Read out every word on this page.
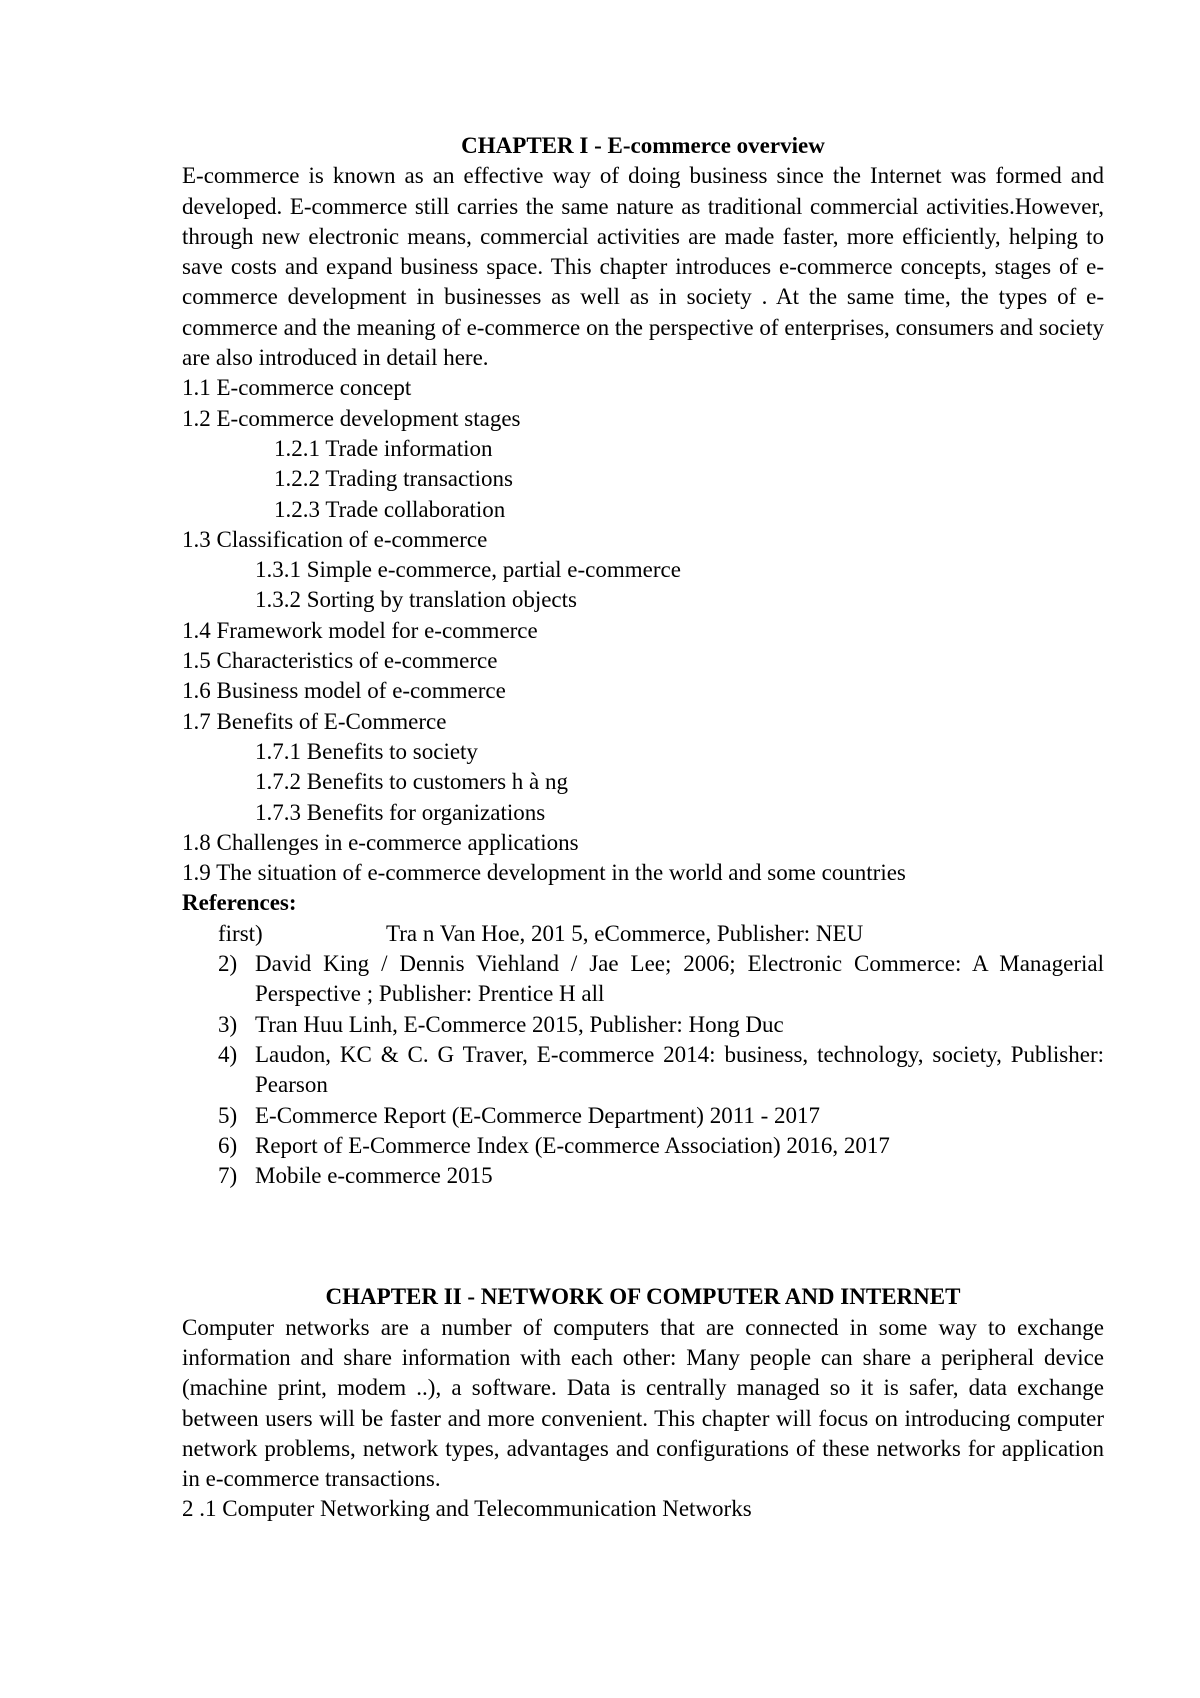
CHAPTER I - E-commerce overview

E-commerce is known as an effective way of doing business since the Internet was formed and developed. E-commerce still carries the same nature as traditional commercial activities.However, through new electronic means, commercial activities are made faster, more efficiently, helping to save costs and expand business space. This chapter introduces e-commerce concepts, stages of e-commerce development in businesses as well as in society . At the same time, the types of e-commerce and the meaning of e-commerce on the perspective of enterprises, consumers and society are also introduced in detail here.

1.1 E-commerce concept

1.2 E-commerce development stages

1.2.1 Trade information

1.2.2 Trading transactions

1.2.3 Trade collaboration

1.3 Classification of e-commerce

1.3.1 Simple e-commerce, partial e-commerce

1.3.2 Sorting by translation objects

1.4 Framework model for e-commerce

1.5 Characteristics of e-commerce

1.6 Business model of e-commerce

1.7 Benefits of E-Commerce

1.7.1 Benefits to society

1.7.2 Benefits to customers h à ng

1.7.3 Benefits for organizations

1.8 Challenges in e-commerce applications

1.9 The situation of e-commerce development in the world and some countries

References:

first)	Tra n Van Hoe, 201 5, eCommerce, Publisher: NEU

2) David King / Dennis Viehland / Jae Lee; 2006; Electronic Commerce: A Managerial Perspective ; Publisher: Prentice H all

3) Tran Huu Linh, E-Commerce 2015, Publisher: Hong Duc

4) Laudon, KC & C. G Traver, E-commerce 2014: business, technology, society, Publisher: Pearson

5) E-Commerce Report (E-Commerce Department) 2011 - 2017

6) Report of E-Commerce Index (E-commerce Association) 2016, 2017

7) Mobile e-commerce 2015

CHAPTER II - NETWORK OF COMPUTER AND INTERNET

Computer networks are a number of computers that are connected in some way to exchange information and share information with each other: Many people can share a peripheral device (machine print, modem ..), a software. Data is centrally managed so it is safer, data exchange between users will be faster and more convenient. This chapter will focus on introducing computer network problems, network types, advantages and configurations of these networks for application in e-commerce transactions.

2 .1 Computer Networking and Telecommunication Networks
